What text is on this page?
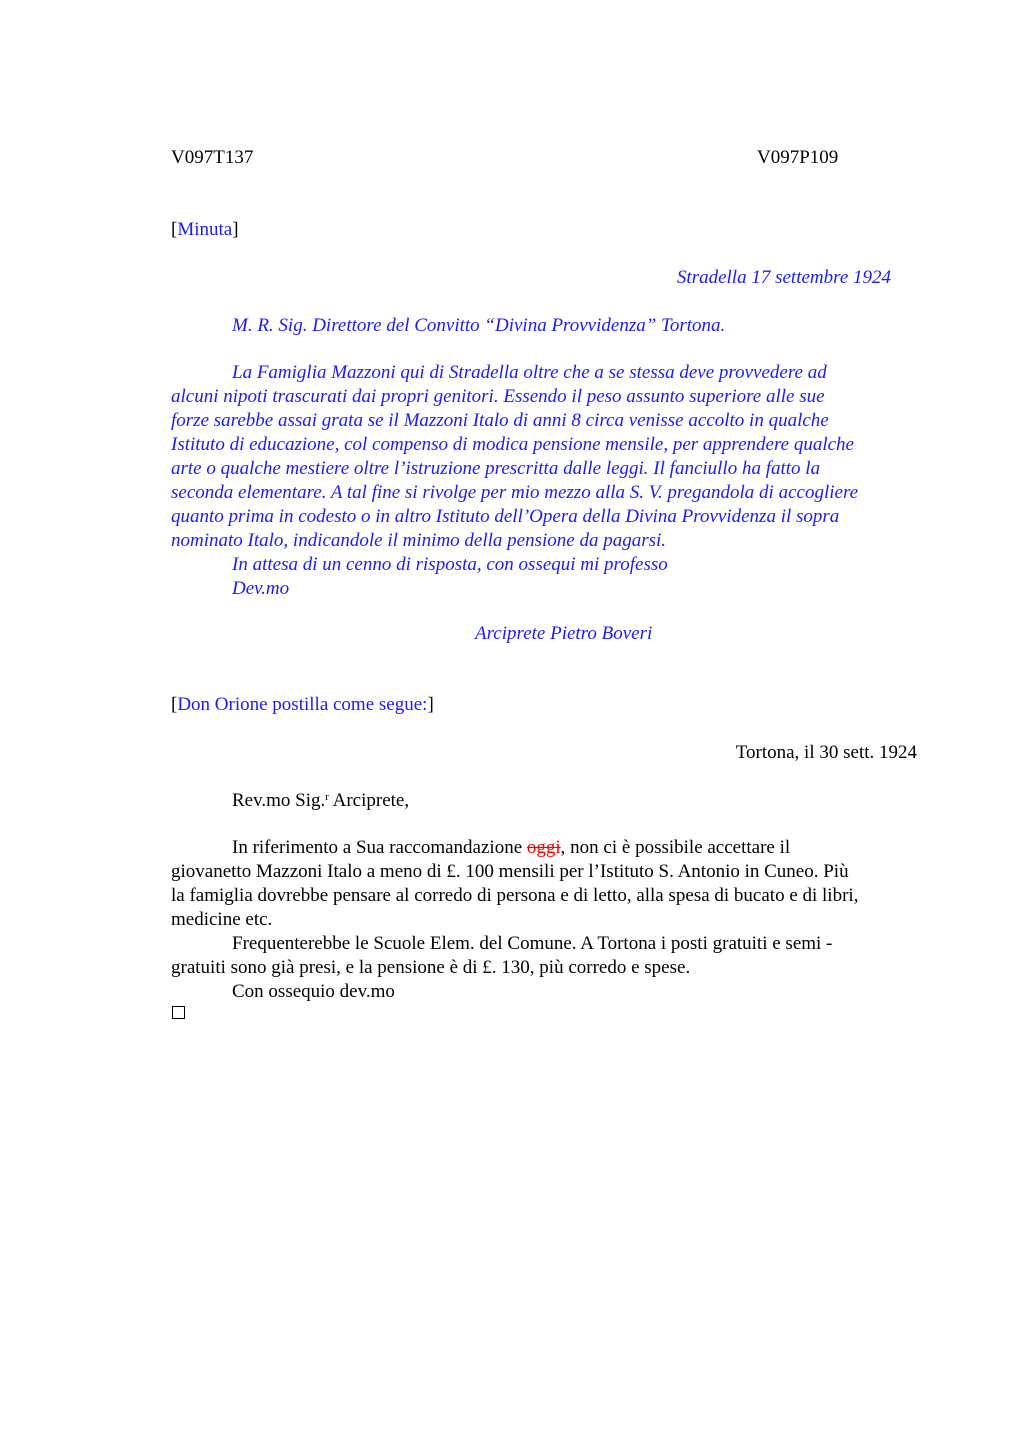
V097T137	V097P109
[Minuta]
Stradella 17 settembre 1924
M. R. Sig. Direttore del Convitto “Divina Provvidenza” Tortona.
La Famiglia Mazzoni qui di Stradella oltre che a se stessa deve provvedere ad
alcuni nipoti trascurati dai propri genitori. Essendo il peso assunto superiore alle sue
forze sarebbe assai grata se il Mazzoni Italo di anni 8 circa venisse accolto in qualche
Istituto di educazione, col compenso di modica pensione mensile, per apprendere qualche
arte o qualche mestiere oltre l’istruzione prescritta dalle leggi. Il fanciullo ha fatto la
seconda elementare. A tal fine si rivolge per mio mezzo alla S. V. pregandola di accogliere
quanto prima in codesto o in altro Istituto dell’Opera della Divina Provvidenza il sopra
nominato Italo, indicandole il minimo della pensione da pagarsi.
In attesa di un cenno di risposta, con ossequi mi professo
Dev.mo
Arciprete Pietro Boveri
[Don Orione postilla come segue:]
Tortona, il 30 sett. 1924
Rev.mo Sig.$^r$ Arciprete,
In riferimento a Sua raccomandazione oggi, non ci è possibile accettare il
giovanetto Mazzoni Italo a meno di £. 100 mensili per l’Istituto S. Antonio in Cuneo. Più
la famiglia dovrebbe pensare al corredo di persona e di letto, alla spesa di bucato e di libri,
medicine etc.
Frequenterebbe le Scuole Elem. del Comune. A Tortona i posti gratuiti e semi -
gratuiti sono già presi, e la pensione è di £. 130, più corredo e spese.
Con ossequio dev.mo
